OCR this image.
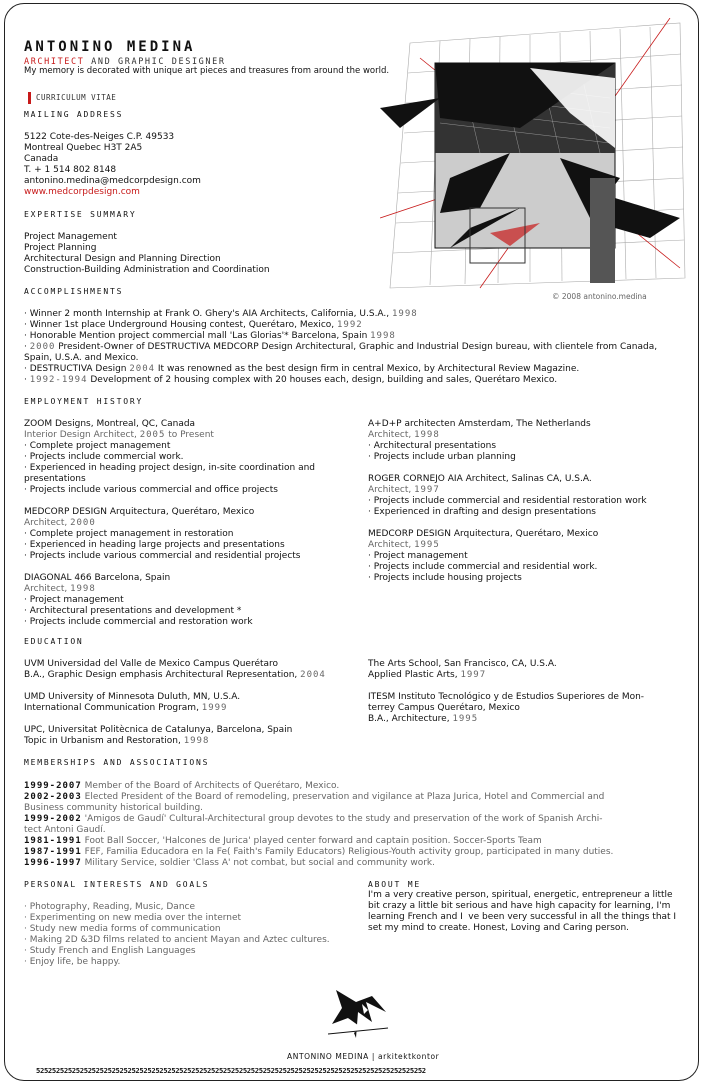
ANTONINO MEDINA
ARCHITECT AND GRAPHIC DESIGNER
My memory is decorated with unique art pieces and treasures from around the world.
CURRICULUM VITAE
MAILING ADDRESS
5122 Cote-des-Neiges C.P. 49533
Montreal Quebec H3T 2A5
Canada
T. + 1 514 802 8148
antonino.medina@medcorpdesign.com
www.medcorpdesign.com
© 2008 antonino.medina
EXPERTISE SUMMARY
Project Management
Project Planning
Architectural Design and Planning Direction
Construction-Building Administration and Coordination
ACCOMPLISHMENTS
· Winner 2 month Internship at Frank O. Ghery's AIA Architects, California, U.S.A., 1998
· Winner 1st place Underground Housing contest, Querétaro, Mexico, 1992
· Honorable Mention project commercial mall 'Las Glorias'* Barcelona, Spain 1998
· 2000 President-Owner of DESTRUCTIVA MEDCORP Design Architectural, Graphic and Industrial Design bureau, with clientele from Canada, Spain, U.S.A. and Mexico.
· DESTRUCTIVA Design 2004 It was renowned as the best design firm in central Mexico, by Architectural Review Magazine.
· 1992-1994 Development of 2 housing complex with 20 houses each, design, building and sales, Querétaro Mexico.
EMPLOYMENT HISTORY
ZOOM Designs, Montreal, QC, Canada
Interior Design Architect, 2005 to Present
· Complete project management
· Projects include commercial work.
· Experienced in heading project design, in-site coordination and
presentations
· Projects include various commercial and office projects
MEDCORP DESIGN Arquitectura, Querétaro, Mexico
Architect, 2000
· Complete project management in restoration
· Experienced in heading large projects and presentations
· Projects include various commercial and residential projects
DIAGONAL 466 Barcelona, Spain
Architect, 1998
· Project management
· Architectural presentations and development *
· Projects include commercial and restoration work
A+D+P architecten Amsterdam, The Netherlands
Architect, 1998
· Architectural presentations
· Projects include urban planning
ROGER CORNEJO AIA Architect, Salinas CA, U.S.A.
Architect, 1997
· Projects include commercial and residential restoration work
· Experienced in drafting and design presentations
MEDCORP DESIGN Arquitectura, Querétaro, Mexico
Architect, 1995
· Project management
· Projects include commercial and residential work.
· Projects include housing projects
EDUCATION
UVM Universidad del Valle de Mexico Campus Querétaro
B.A., Graphic Design emphasis Architectural Representation, 2004
UMD University of Minnesota Duluth, MN, U.S.A.
International Communication Program, 1999
UPC, Universitat Politècnica de Catalunya, Barcelona, Spain
Topic in Urbanism and Restoration, 1998
The Arts School, San Francisco, CA, U.S.A.
Applied Plastic Arts, 1997
ITESM Instituto Tecnológico y de Estudios Superiores de Mon-
terrey Campus Querétaro, Mexico
B.A., Architecture, 1995
MEMBERSHIPS AND ASSOCIATIONS
1999-2007 Member of the Board of Architects of Querétaro, Mexico.
2002-2003 Elected President of the Board of remodeling, preservation and vigilance at Plaza Jurica, Hotel and Commercial and
Business community historical building.
1999-2002 'Amigos de Gaudí' Cultural-Architectural group devotes to the study and preservation of the work of Spanish Archi-
tect Antoni Gaudí.
1981-1991 Foot Ball Soccer, 'Halcones de Jurica' played center forward and captain position. Soccer-Sports Team
1987-1991 FEF, Familia Educadora en la Fe( Faith's Family Educators) Religious-Youth activity group, participated in many duties.
1996-1997 Military Service, soldier 'Class A' not combat, but social and community work.
PERSONAL INTERESTS AND GOALS
· Photography, Reading, Music, Dance
· Experimenting on new media over the internet
· Study new media forms of communication
· Making 2D &3D films related to ancient Mayan and Aztec cultures.
· Study French and English Languages
· Enjoy life, be happy.
ABOUT ME
I'm a very creative person, spiritual, energetic, entrepreneur a little bit crazy a little bit serious and have high capacity for learning, I'm learning French and Ive been very successful in all the things that I set my mind to create. Honest, Loving and Caring person.
ANTONINO MEDINA | arkitektkontor
52525252525252525252525252525252525252525252525252525252525252525252525252525252525252525252525252
